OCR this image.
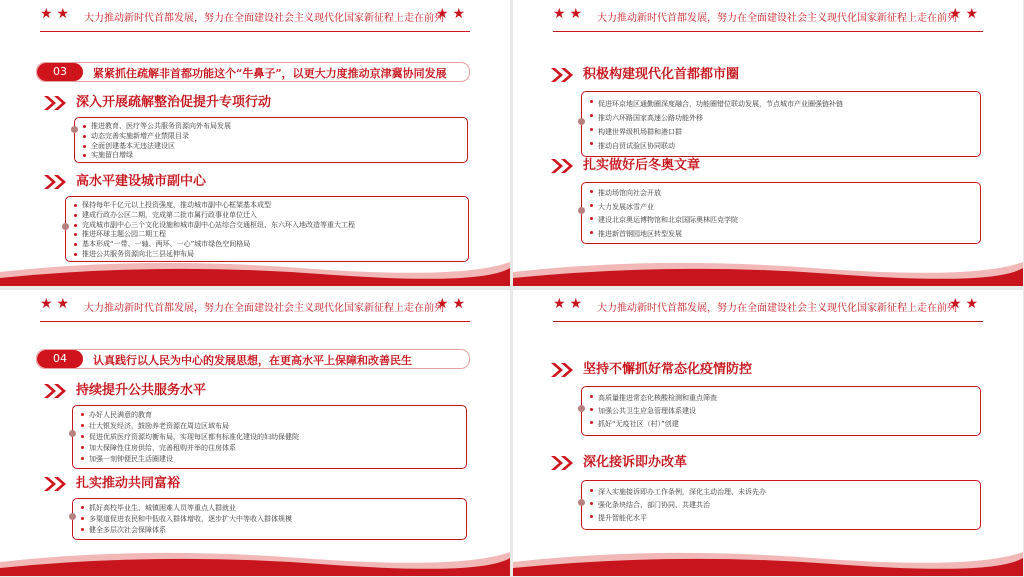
★★ 大力推动新时代首都发展，努力在全面建设社会主义现代化国家新征程上走在前列
★★
03	紧紧抓住疏解非首都功能这个“牛鼻子”，以更大力度推动京津冀协同发展
深入开展疏解整治促提升专项行动
推进教育、医疗等公共服务资源向外布局发展
动态完善实施新增产业禁限目录
全面创建基本无违法建设区
实施留白增绿
高水平建设城市副中心
保持每年千亿元以上投资强度，推动城市副中心框架基本成型
建成行政办公区二期，完成第二批市属行政事业单位迁入
完成城市副中心三个文化设施和城市副中心站综合交通枢纽、东六环入地改造等重大工程
推进环球主题公园二期工程
基本形成“一带、一轴、两环、一心”城市绿色空间格局
推进公共服务资源向北三县延伸布局
★★ 大力推动新时代首都发展，努力在全面建设社会主义现代化国家新征程上走在前列
★★
积极构建现代化首都都市圈
促进环京地区通勤圈深度融合，功能圈错位联动发展，节点城市产业圈强链补链
推动六环路国家高速公路功能外移
构建世界级机场群和港口群
推动自贸试验区协同联动
扎实做好后冬奥文章
推动场馆向社会开放
大力发展冰雪产业
建设北京奥运博物馆和北京国际奥林匹克学院
推进新首钢园地区转型发展
★★ 大力推动新时代首都发展，努力在全面建设社会主义现代化国家新征程上走在前列
★★
04	认真践行以人民为中心的发展思想，在更高水平上保障和改善民生
持续提升公共服务水平
办好人民满意的教育
壮大银发经济，鼓励养老资源在周边区域布局
促进优质医疗资源均衡布局，实现每区都有标准化建设的妇幼保健院
加大保障性住房供给，完善租购并举的住房体系
加强一刻钟便民生活圈建设
扎实推动共同富裕
抓好高校毕业生、城镇困难人员等重点人群就业
多渠道促进农民和中低收入群体增收，逐步扩大中等收入群体规模
健全多层次社会保障体系
★★ 大力推动新时代首都发展，努力在全面建设社会主义现代化国家新征程上走在前列
★★
坚持不懈抓好常态化疫情防控
高质量推进常态化核酸检测和重点筛查
加强公共卫生应急管理体系建设
抓好“无疫社区（村）”创建
深化接诉即办改革
深入实施接诉即办工作条例，深化主动治理、未诉先办
强化条块结合、部门协同、共建共治
提升智能化水平
